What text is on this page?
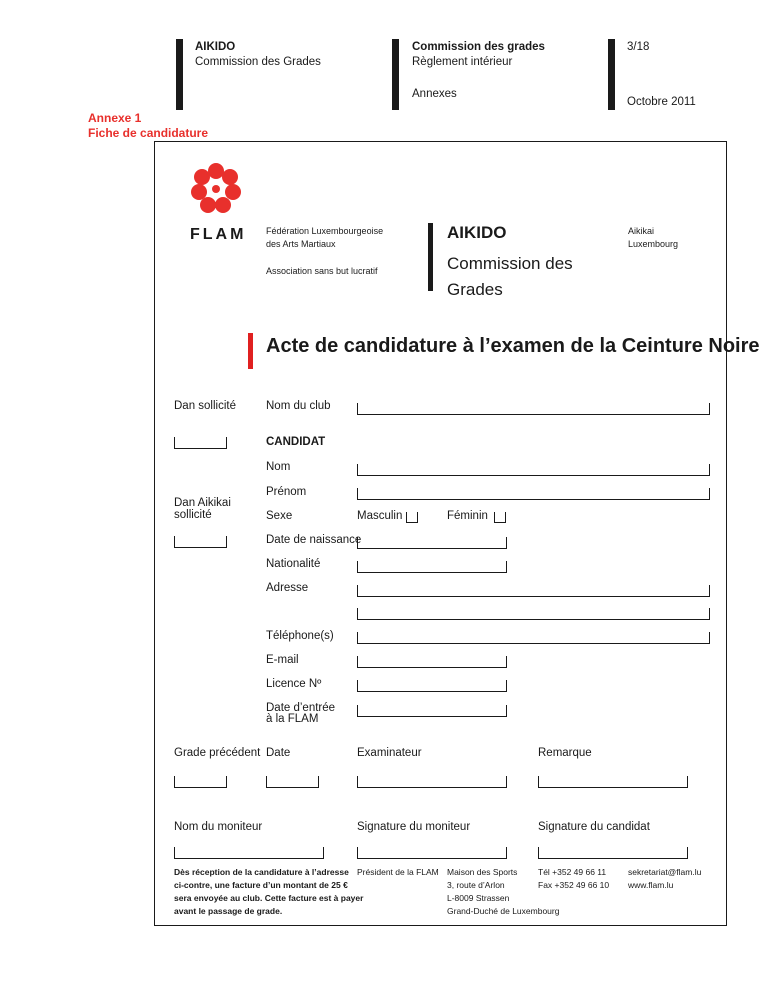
AIKIDO
Commission des Grades
Commission des grades
Règlement intérieur
Annexes
3/18
Octobre 2011
Annexe 1
Fiche de candidature
FLAM Fédération Luxembourgeoise
des Arts Martiaux
Association sans but lucratif
AIKIDO
Commission des
Grades
Aikikai
Luxembourg
Acte de candidature à l’examen de la Ceinture Noire
Dan sollicité	Nom du club
CANDIDAT
Nom
Prénom
Dan Aikikai
sollicité	Sexe	Masculin	Féminin
Date de naissance
Nationalité
Adresse
Téléphone(s)
E-mail
Licence Nº
Date d’entrée
à la FLAM
Grade précédent Date	Examinateur	Remarque
Nom du moniteur	Signature du moniteur	Signature du candidat
Dès réception de la candidature à l’adresse
ci-contre, une facture d’un montant de 25 €
sera envoyée au club. Cette facture est à payer
avant le passage de grade.
Président de la FLAM Maison des Sports
3, route d’Arlon
L-8009 Strassen
Grand-Duché de Luxembourg
Tél +352 49 66 11
Fax +352 49 66 10
sekretariat@flam.lu
www.flam.lu
